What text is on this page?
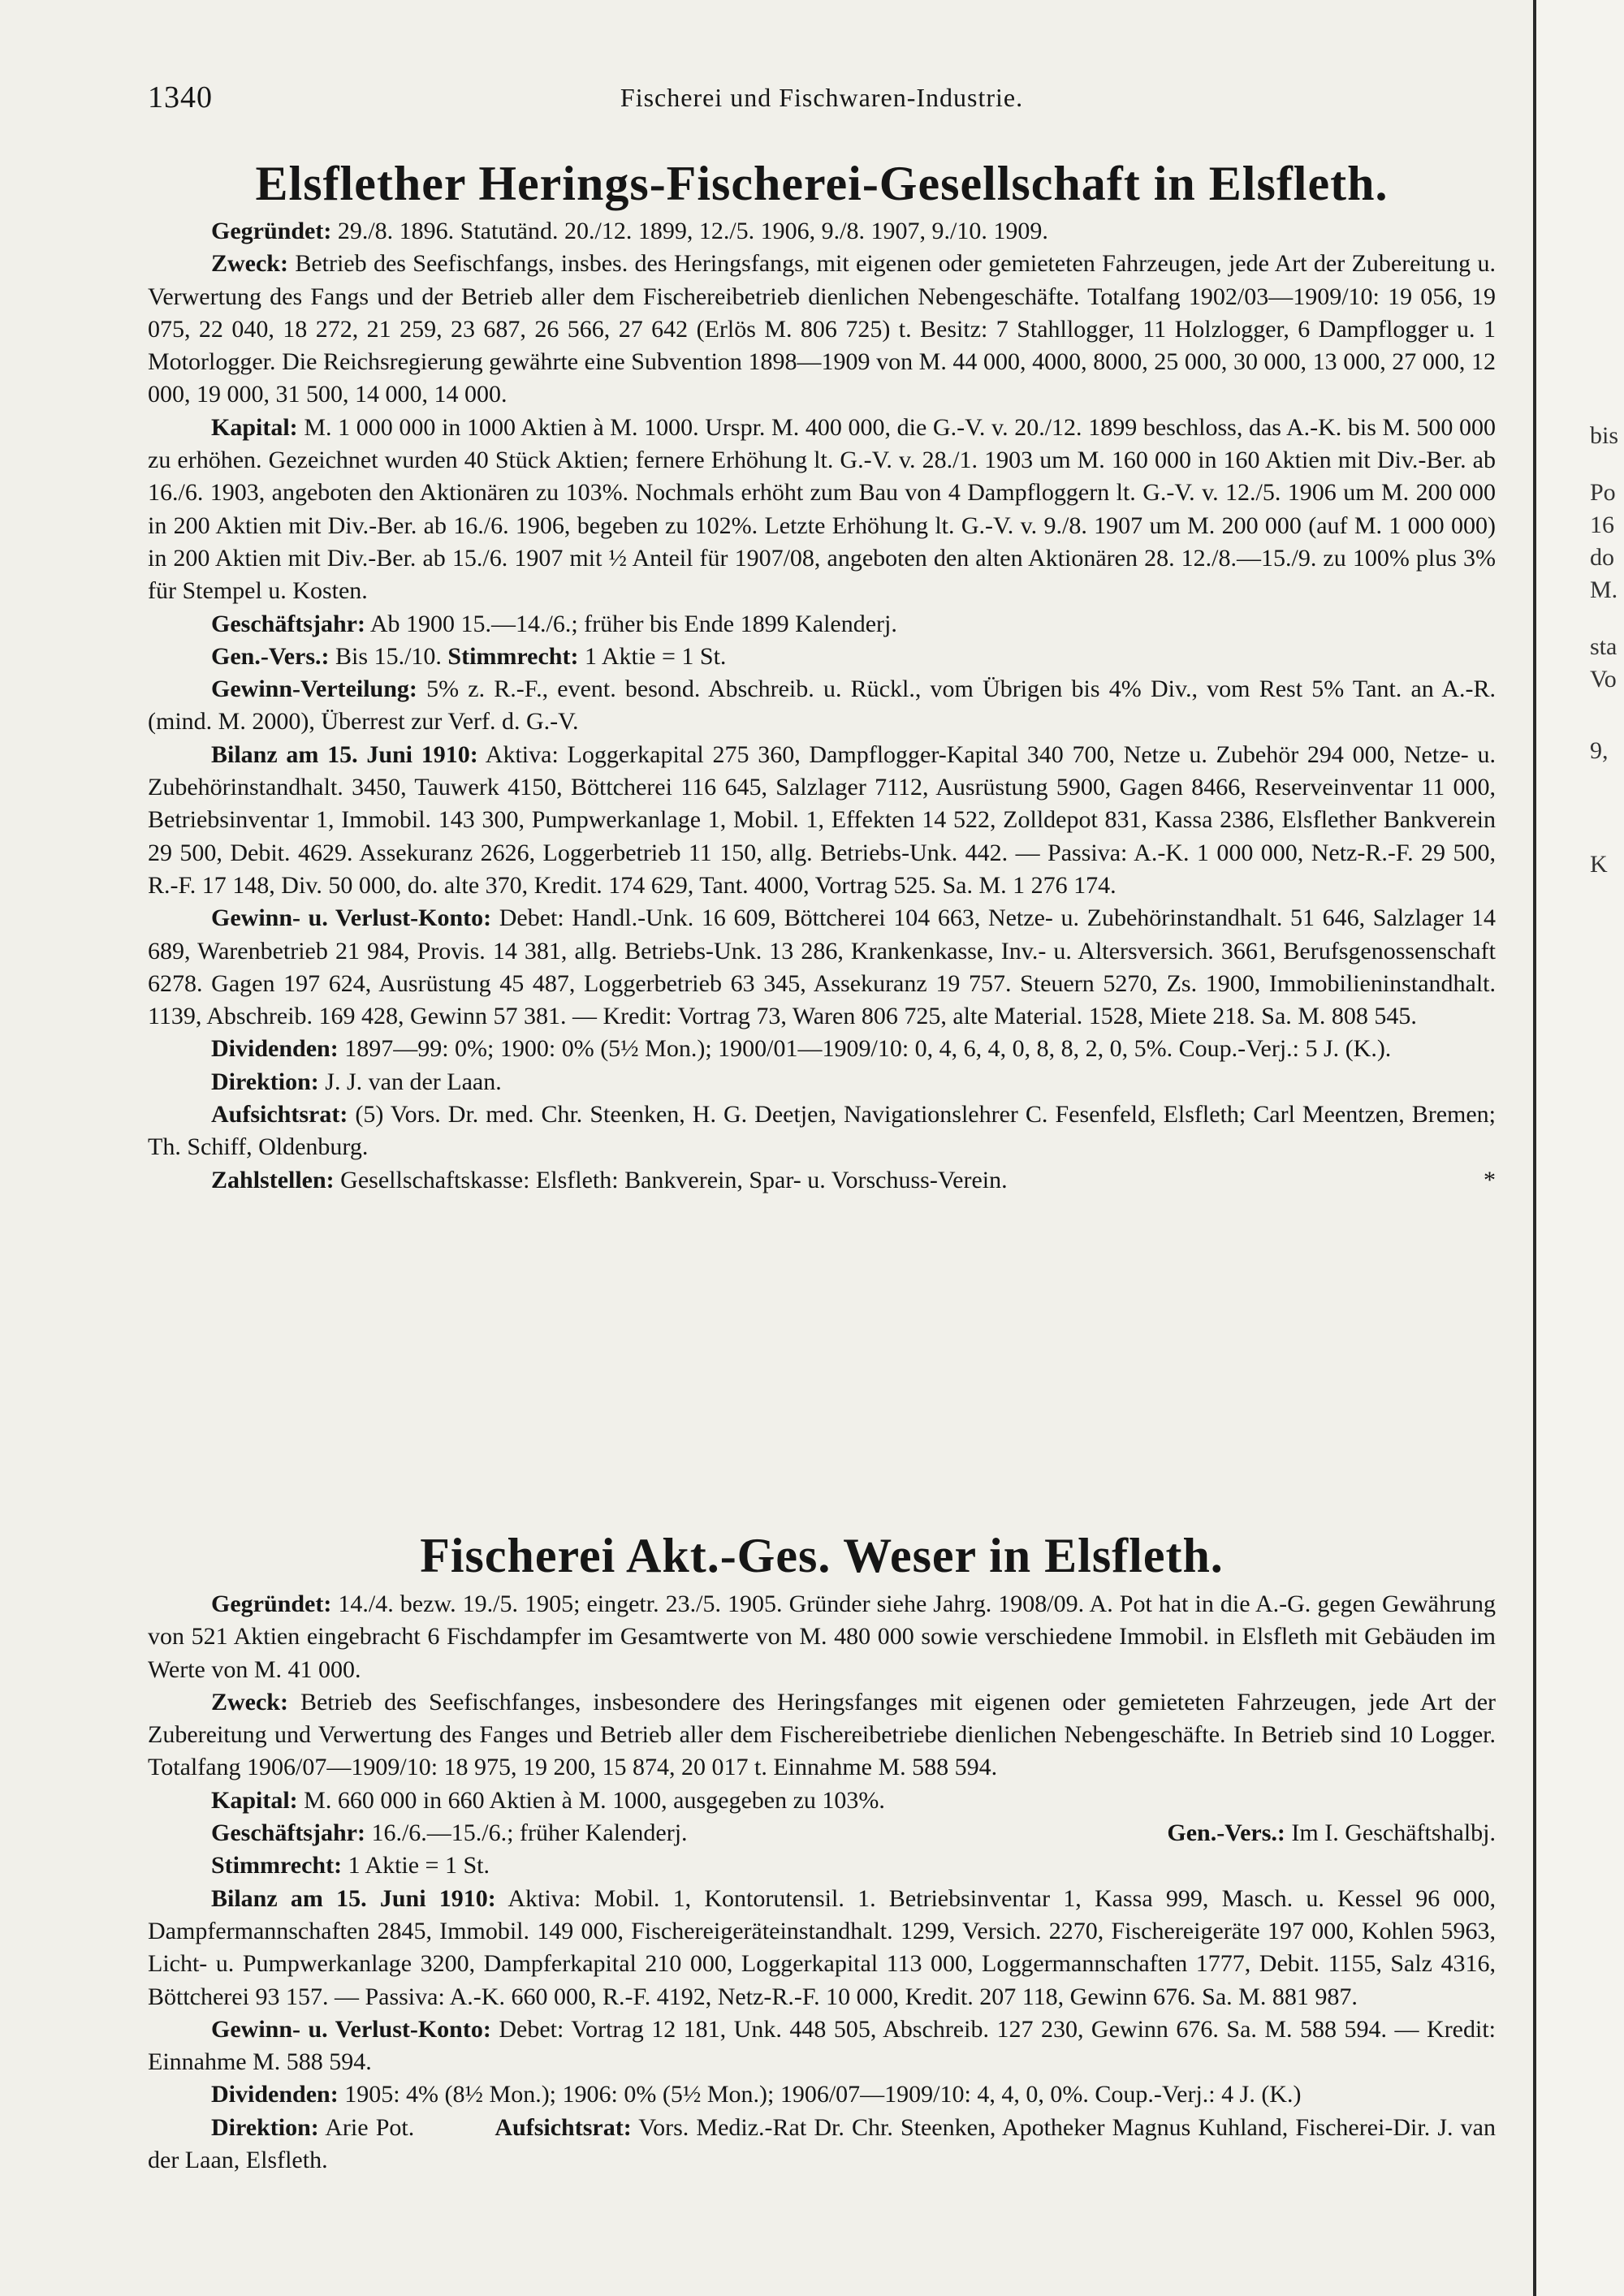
bis
Po
16
do
M.
sta
Vo
9,
K
1340	Fischerei und Fischwaren-Industrie.
Elsflether Herings-Fischerei-Gesellschaft in Elsfleth.

Gegründet: 29./8. 1896. Statutänd. 20./12. 1899, 12./5. 1906, 9./8. 1907, 9./10. 1909.

Zweck: Betrieb des Seefischfangs, insbes. des Heringsfangs, mit eigenen oder gemieteten Fahrzeugen, jede Art der Zubereitung u. Verwertung des Fangs und der Betrieb aller dem Fischereibetrieb dienlichen Nebengeschäfte. Totalfang 1902/03—1909/10: 19 056, 19 075, 22 040, 18 272, 21 259, 23 687, 26 566, 27 642 (Erlös M. 806 725) t. Besitz: 7 Stahllogger, 11 Holzlogger, 6 Dampflogger u. 1 Motorlogger. Die Reichsregierung gewährte eine Subvention 1898—1909 von M. 44 000, 4000, 8000, 25 000, 30 000, 13 000, 27 000, 12 000, 19 000, 31 500, 14 000, 14 000.

Kapital: M. 1 000 000 in 1000 Aktien à M. 1000. Urspr. M. 400 000, die G.-V. v. 20./12. 1899 beschloss, das A.-K. bis M. 500 000 zu erhöhen. Gezeichnet wurden 40 Stück Aktien; fernere Erhöhung lt. G.-V. v. 28./1. 1903 um M. 160 000 in 160 Aktien mit Div.-Ber. ab 16./6. 1903, angeboten den Aktionären zu 103%. Nochmals erhöht zum Bau von 4 Dampfloggern lt. G.-V. v. 12./5. 1906 um M. 200 000 in 200 Aktien mit Div.-Ber. ab 16./6. 1906, begeben zu 102%. Letzte Erhöhung lt. G.-V. v. 9./8. 1907 um M. 200 000 (auf M. 1 000 000) in 200 Aktien mit Div.-Ber. ab 15./6. 1907 mit ½ Anteil für 1907/08, angeboten den alten Aktionären 28. 12./8.—15./9. zu 100% plus 3% für Stempel u. Kosten.

Geschäftsjahr: Ab 1900 15.—14./6.; früher bis Ende 1899 Kalenderj.

Gen.-Vers.: Bis 15./10. Stimmrecht: 1 Aktie = 1 St.

Gewinn-Verteilung: 5% z. R.-F., event. besond. Abschreib. u. Rückl., vom Übrigen bis 4% Div., vom Rest 5% Tant. an A.-R. (mind. M. 2000), Überrest zur Verf. d. G.-V.

Bilanz am 15. Juni 1910: Aktiva: Loggerkapital 275 360, Dampflogger-Kapital 340 700, Netze u. Zubehör 294 000, Netze- u. Zubehörinstandhalt. 3450, Tauwerk 4150, Böttcherei 116 645, Salzlager 7112, Ausrüstung 5900, Gagen 8466, Reserveinventar 11 000, Betriebsinventar 1, Immobil. 143 300, Pumpwerkanlage 1, Mobil. 1, Effekten 14 522, Zolldepot 831, Kassa 2386, Elsflether Bankverein 29 500, Debit. 4629. Assekuranz 2626, Loggerbetrieb 11 150, allg. Betriebs-Unk. 442. — Passiva: A.-K. 1 000 000, Netz-R.-F. 29 500, R.-F. 17 148, Div. 50 000, do. alte 370, Kredit. 174 629, Tant. 4000, Vortrag 525. Sa. M. 1 276 174.

Gewinn- u. Verlust-Konto: Debet: Handl.-Unk. 16 609, Böttcherei 104 663, Netze- u. Zubehörinstandhalt. 51 646, Salzlager 14 689, Warenbetrieb 21 984, Provis. 14 381, allg. Betriebs-Unk. 13 286, Krankenkasse, Inv.- u. Altersversich. 3661, Berufsgenossenschaft 6278. Gagen 197 624, Ausrüstung 45 487, Loggerbetrieb 63 345, Assekuranz 19 757. Steuern 5270, Zs. 1900, Immobilieninstandhalt. 1139, Abschreib. 169 428, Gewinn 57 381. — Kredit: Vortrag 73, Waren 806 725, alte Material. 1528, Miete 218. Sa. M. 808 545.

Dividenden: 1897—99: 0%; 1900: 0% (5½ Mon.); 1900/01—1909/10: 0, 4, 6, 4, 0, 8, 8, 2, 0, 5%. Coup.-Verj.: 5 J. (K.).

Direktion: J. J. van der Laan.

Aufsichtsrat: (5) Vors. Dr. med. Chr. Steenken, H. G. Deetjen, Navigationslehrer C. Fesenfeld, Elsfleth; Carl Meentzen, Bremen; Th. Schiff, Oldenburg.

Zahlstellen: Gesellschaftskasse: Elsfleth: Bankverein, Spar- u. Vorschuss-Verein.	*

Fischerei Akt.-Ges. Weser in Elsfleth.

Gegründet: 14./4. bezw. 19./5. 1905; eingetr. 23./5. 1905. Gründer siehe Jahrg. 1908/09. A. Pot hat in die A.-G. gegen Gewährung von 521 Aktien eingebracht 6 Fischdampfer im Gesamtwerte von M. 480 000 sowie verschiedene Immobil. in Elsfleth mit Gebäuden im Werte von M. 41 000.

Zweck: Betrieb des Seefischfanges, insbesondere des Heringsfanges mit eigenen oder gemieteten Fahrzeugen, jede Art der Zubereitung und Verwertung des Fanges und Betrieb aller dem Fischereibetriebe dienlichen Nebengeschäfte. In Betrieb sind 10 Logger. Totalfang 1906/07—1909/10: 18 975, 19 200, 15 874, 20 017 t. Einnahme M. 588 594.

Kapital: M. 660 000 in 660 Aktien à M. 1000, ausgegeben zu 103%.

Geschäftsjahr: 16./6.—15./6.; früher Kalenderj.	Gen.-Vers.: Im I. Geschäftshalbj.

Stimmrecht: 1 Aktie = 1 St.

Bilanz am 15. Juni 1910: Aktiva: Mobil. 1, Kontorutensil. 1. Betriebsinventar 1, Kassa 999, Masch. u. Kessel 96 000, Dampfermannschaften 2845, Immobil. 149 000, Fischereigeräteinstandhalt. 1299, Versich. 2270, Fischereigeräte 197 000, Kohlen 5963, Licht- u. Pumpwerkanlage 3200, Dampferkapital 210 000, Loggerkapital 113 000, Loggermannschaften 1777, Debit. 1155, Salz 4316, Böttcherei 93 157. — Passiva: A.-K. 660 000, R.-F. 4192, Netz-R.-F. 10 000, Kredit. 207 118, Gewinn 676. Sa. M. 881 987.

Gewinn- u. Verlust-Konto: Debet: Vortrag 12 181, Unk. 448 505, Abschreib. 127 230, Gewinn 676. Sa. M. 588 594. — Kredit: Einnahme M. 588 594.

Dividenden: 1905: 4% (8½ Mon.); 1906: 0% (5½ Mon.); 1906/07—1909/10: 4, 4, 0, 0%. Coup.-Verj.: 4 J. (K.)

Direktion: Arie Pot.   	Aufsichtsrat: Vors. Mediz.-Rat Dr. Chr. Steenken, Apotheker Magnus Kuhland, Fischerei-Dir. J. van der Laan, Elsfleth.
